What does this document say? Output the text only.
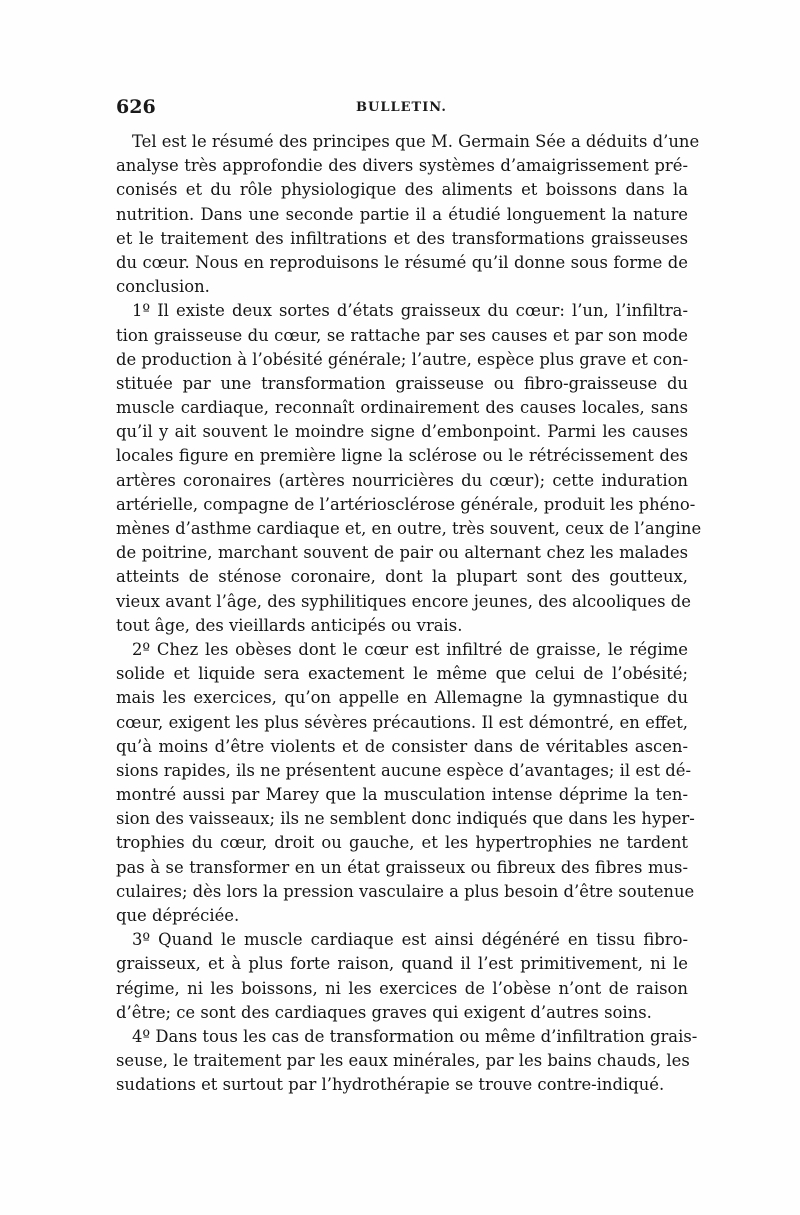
626	BULLETIN.
Tel est le résumé des principes que M. Germain Sée a déduits d’une
analyse très approfondie des divers systèmes d’amaigrissement pré-
conisés et du rôle physiologique des aliments et boissons dans la
nutrition. Dans une seconde partie il a étudié longuement la nature
et le traitement des infiltrations et des transformations graisseuses
du cœur. Nous en reproduisons le résumé qu’il donne sous forme de
conclusion.
1º Il existe deux sortes d’états graisseux du cœur: l’un, l’infiltra-
tion graisseuse du cœur, se rattache par ses causes et par son mode
de production à l’obésité générale; l’autre, espèce plus grave et con-
stituée par une transformation graisseuse ou fibro-graisseuse du
muscle cardiaque, reconnaît ordinairement des causes locales, sans
qu’il y ait souvent le moindre signe d’embonpoint. Parmi les causes
locales figure en première ligne la sclérose ou le rétrécissement des
artères coronaires (artères nourricières du cœur); cette induration
artérielle, compagne de l’artériosclérose générale, produit les phéno-
mènes d’asthme cardiaque et, en outre, très souvent, ceux de l’angine
de poitrine, marchant souvent de pair ou alternant chez les malades
atteints de sténose coronaire, dont la plupart sont des goutteux,
vieux avant l’âge, des syphilitiques encore jeunes, des alcooliques de
tout âge, des vieillards anticipés ou vrais.
2º Chez les obèses dont le cœur est infiltré de graisse, le régime
solide et liquide sera exactement le même que celui de l’obésité;
mais les exercices, qu’on appelle en Allemagne la gymnastique du
cœur, exigent les plus sévères précautions. Il est démontré, en effet,
qu’à moins d’être violents et de consister dans de véritables ascen-
sions rapides, ils ne présentent aucune espèce d’avantages; il est dé-
montré aussi par Marey que la musculation intense déprime la ten-
sion des vaisseaux; ils ne semblent donc indiqués que dans les hyper-
trophies du cœur, droit ou gauche, et les hypertrophies ne tardent
pas à se transformer en un état graisseux ou fibreux des fibres mus-
culaires; dès lors la pression vasculaire a plus besoin d’être soutenue
que dépréciée.
3º Quand le muscle cardiaque est ainsi dégénéré en tissu fibro-
graisseux, et à plus forte raison, quand il l’est primitivement, ni le
régime, ni les boissons, ni les exercices de l’obèse n’ont de raison
d’être; ce sont des cardiaques graves qui exigent d’autres soins.
4º Dans tous les cas de transformation ou même d’infiltration grais-
seuse, le traitement par les eaux minérales, par les bains chauds, les
sudations et surtout par l’hydrothérapie se trouve contre-indiqué.
